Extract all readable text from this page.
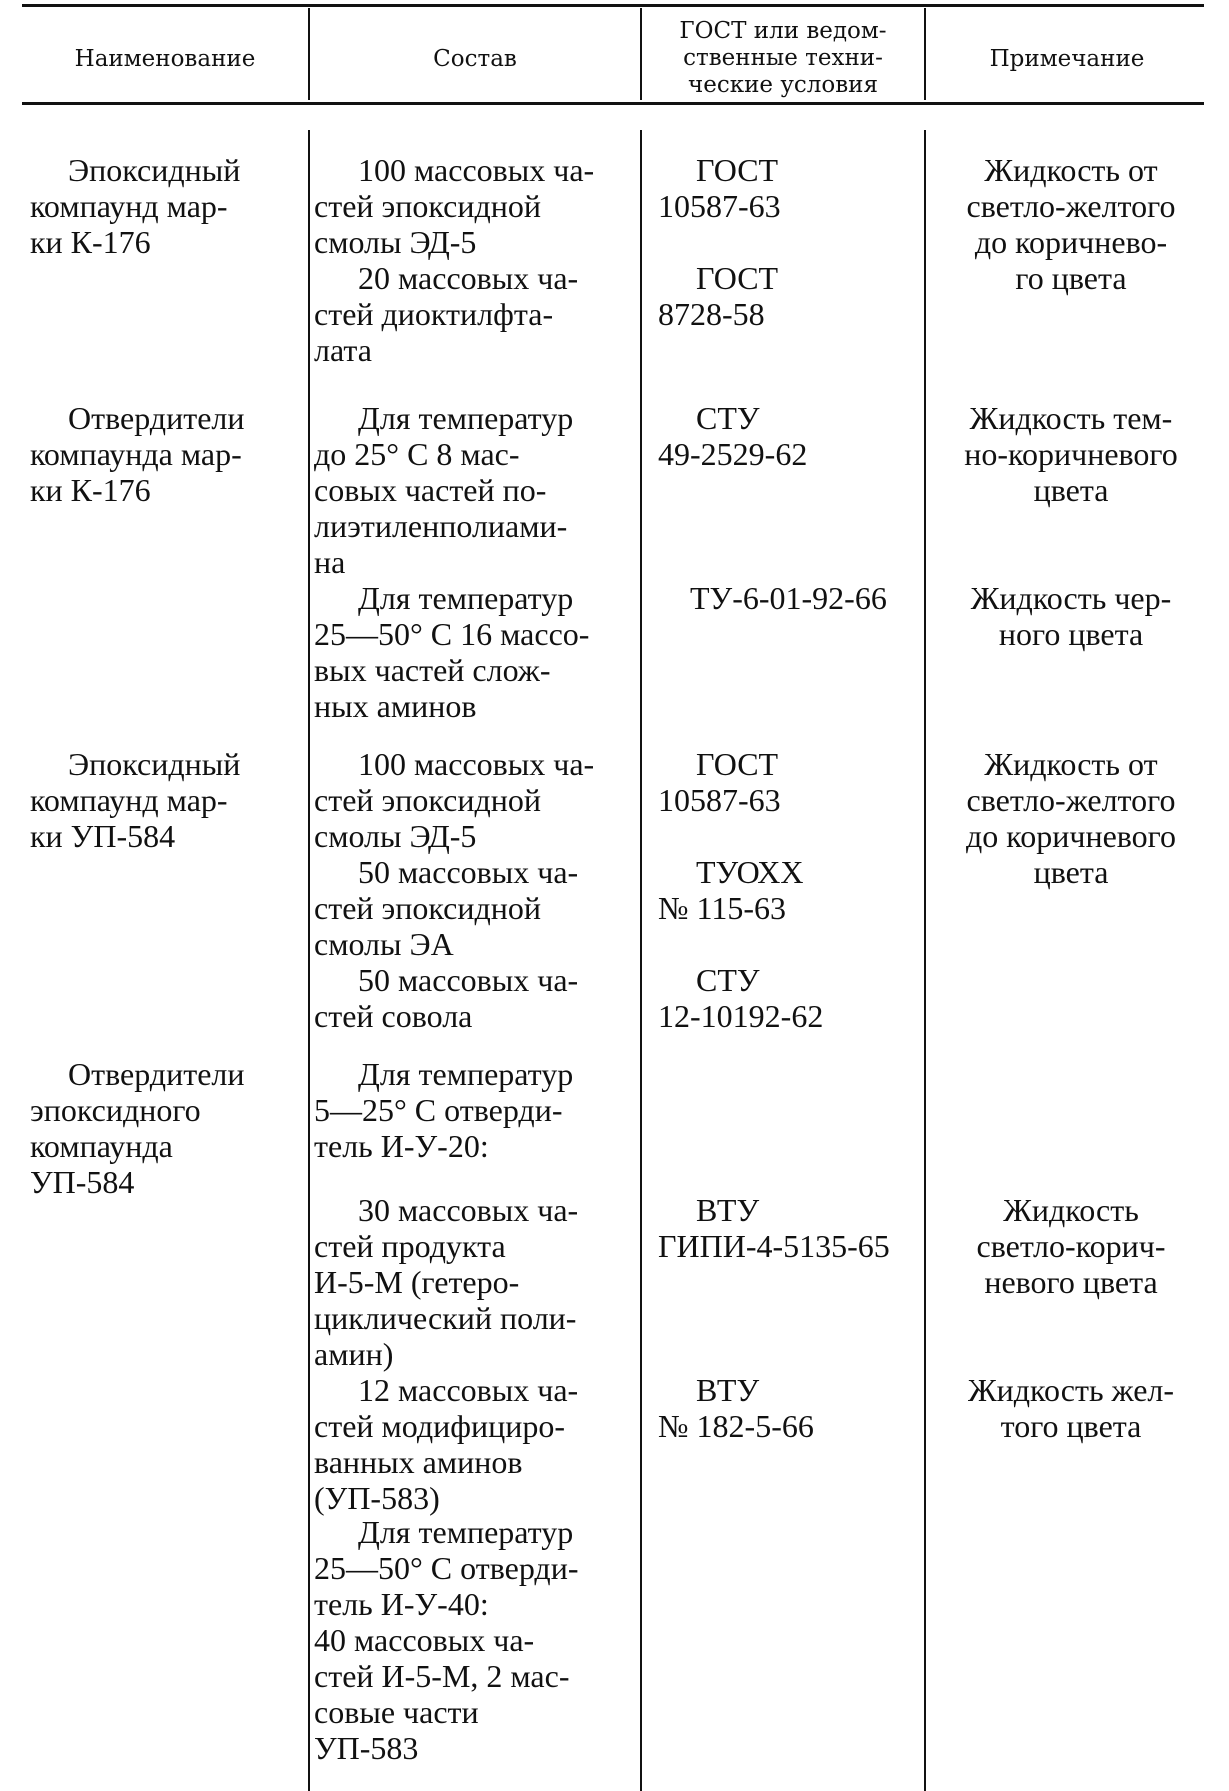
Наименование	Состав
ГОСТ или ведом-
ственные техни-
ческие условия
Примечание

Эпоксидный
компаунд мар-
ки К-176

100 массовых ча-
стей эпоксидной
смолы ЭД-5

20 массовых ча-
стей диоктилфта-
лата

ГОСТ
10587-63

ГОСТ
8728-58

Жидкость от
светло-желтого
до коричнево-
го цвета

Отвердители
компаунда мар-
ки К-176

Для температур
до 25° С 8 мас-
совых частей по-
лиэтиленполиами-
на

Для температур
25—50° С 16 массо-
вых частей слож-
ных аминов

СТУ
49-2529-62

ТУ-6-01-92-66

Жидкость тем-
но-коричневого
цвета

Жидкость чер-
ного цвета

Эпоксидный
компаунд мар-
ки УП-584

100 массовых ча-
стей эпоксидной
смолы ЭД-5

50 массовых ча-
стей эпоксидной
смолы ЭА

50 массовых ча-
стей совола

ГОСТ
10587-63

ТУОХХ
№ 115-63

СТУ
12-10192-62

Жидкость от
светло-желтого
до коричневого
цвета

Отвердители
эпоксидного
компаунда
УП-584

Для температур
5—25° С отверди-
тель И-У-20:

30 массовых ча-
стей продукта
И-5-М (гетеро-
циклический поли-
амин)

12 массовых ча-
стей модифициро-
ванных аминов
(УП-583)

Для температур
25—50° С отверди-
тель И-У-40:
40 массовых ча-
стей И-5-М, 2 мас-
совые части
УП-583

ВТУ
ГИПИ-4-5135-65

ВТУ
№ 182-5-66

Жидкость
светло-корич-
невого цвета

Жидкость жел-
того цвета
